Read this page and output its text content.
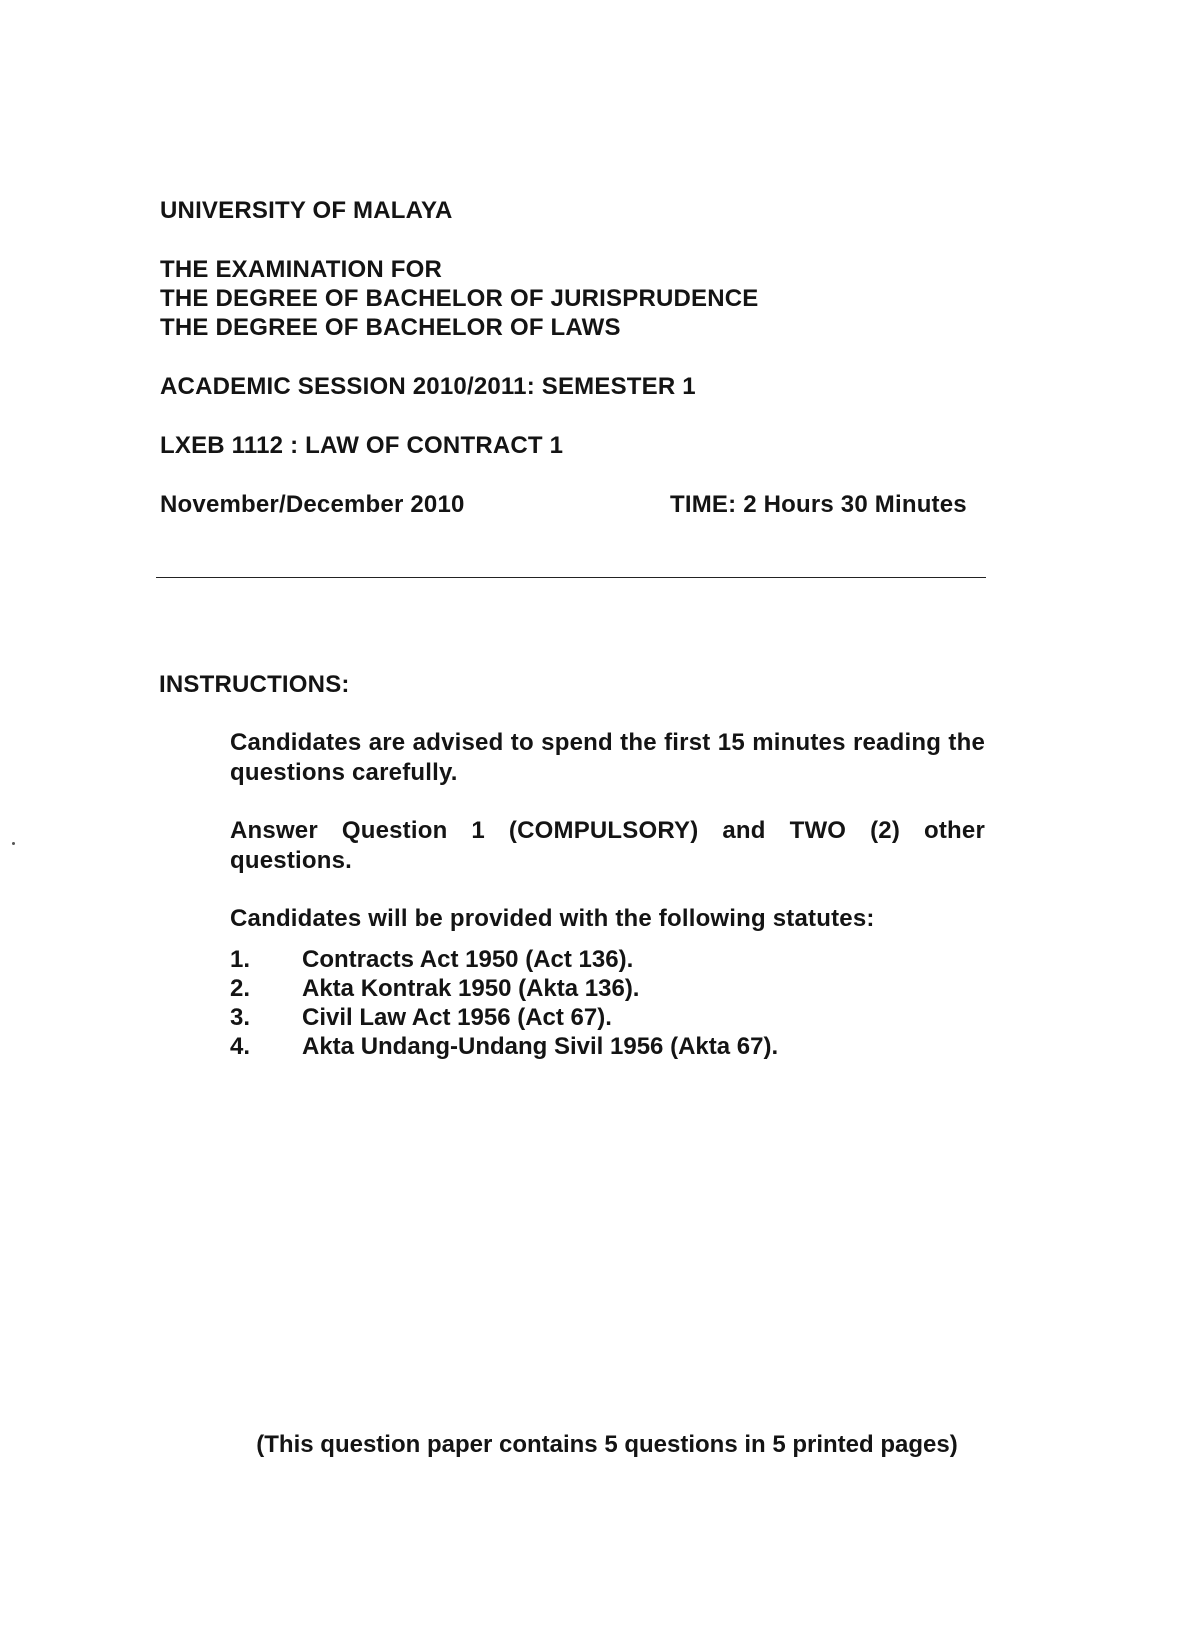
UNIVERSITY OF MALAYA
THE EXAMINATION FOR
THE DEGREE OF BACHELOR OF JURISPRUDENCE
THE DEGREE OF BACHELOR OF LAWS
ACADEMIC SESSION 2010/2011: SEMESTER 1
LXEB 1112 : LAW OF CONTRACT 1
November/December 2010	TIME: 2 Hours 30 Minutes
INSTRUCTIONS:
Candidates are advised to spend the first 15 minutes reading the questions carefully.
Answer Question 1 (COMPULSORY) and TWO (2) other questions.
Candidates will be provided with the following statutes:
1.	Contracts Act 1950 (Act 136).
2.	Akta Kontrak 1950 (Akta 136).
3.	Civil Law Act 1956 (Act 67).
4.	Akta Undang-Undang Sivil 1956 (Akta 67).
(This question paper contains 5 questions in 5 printed pages)
